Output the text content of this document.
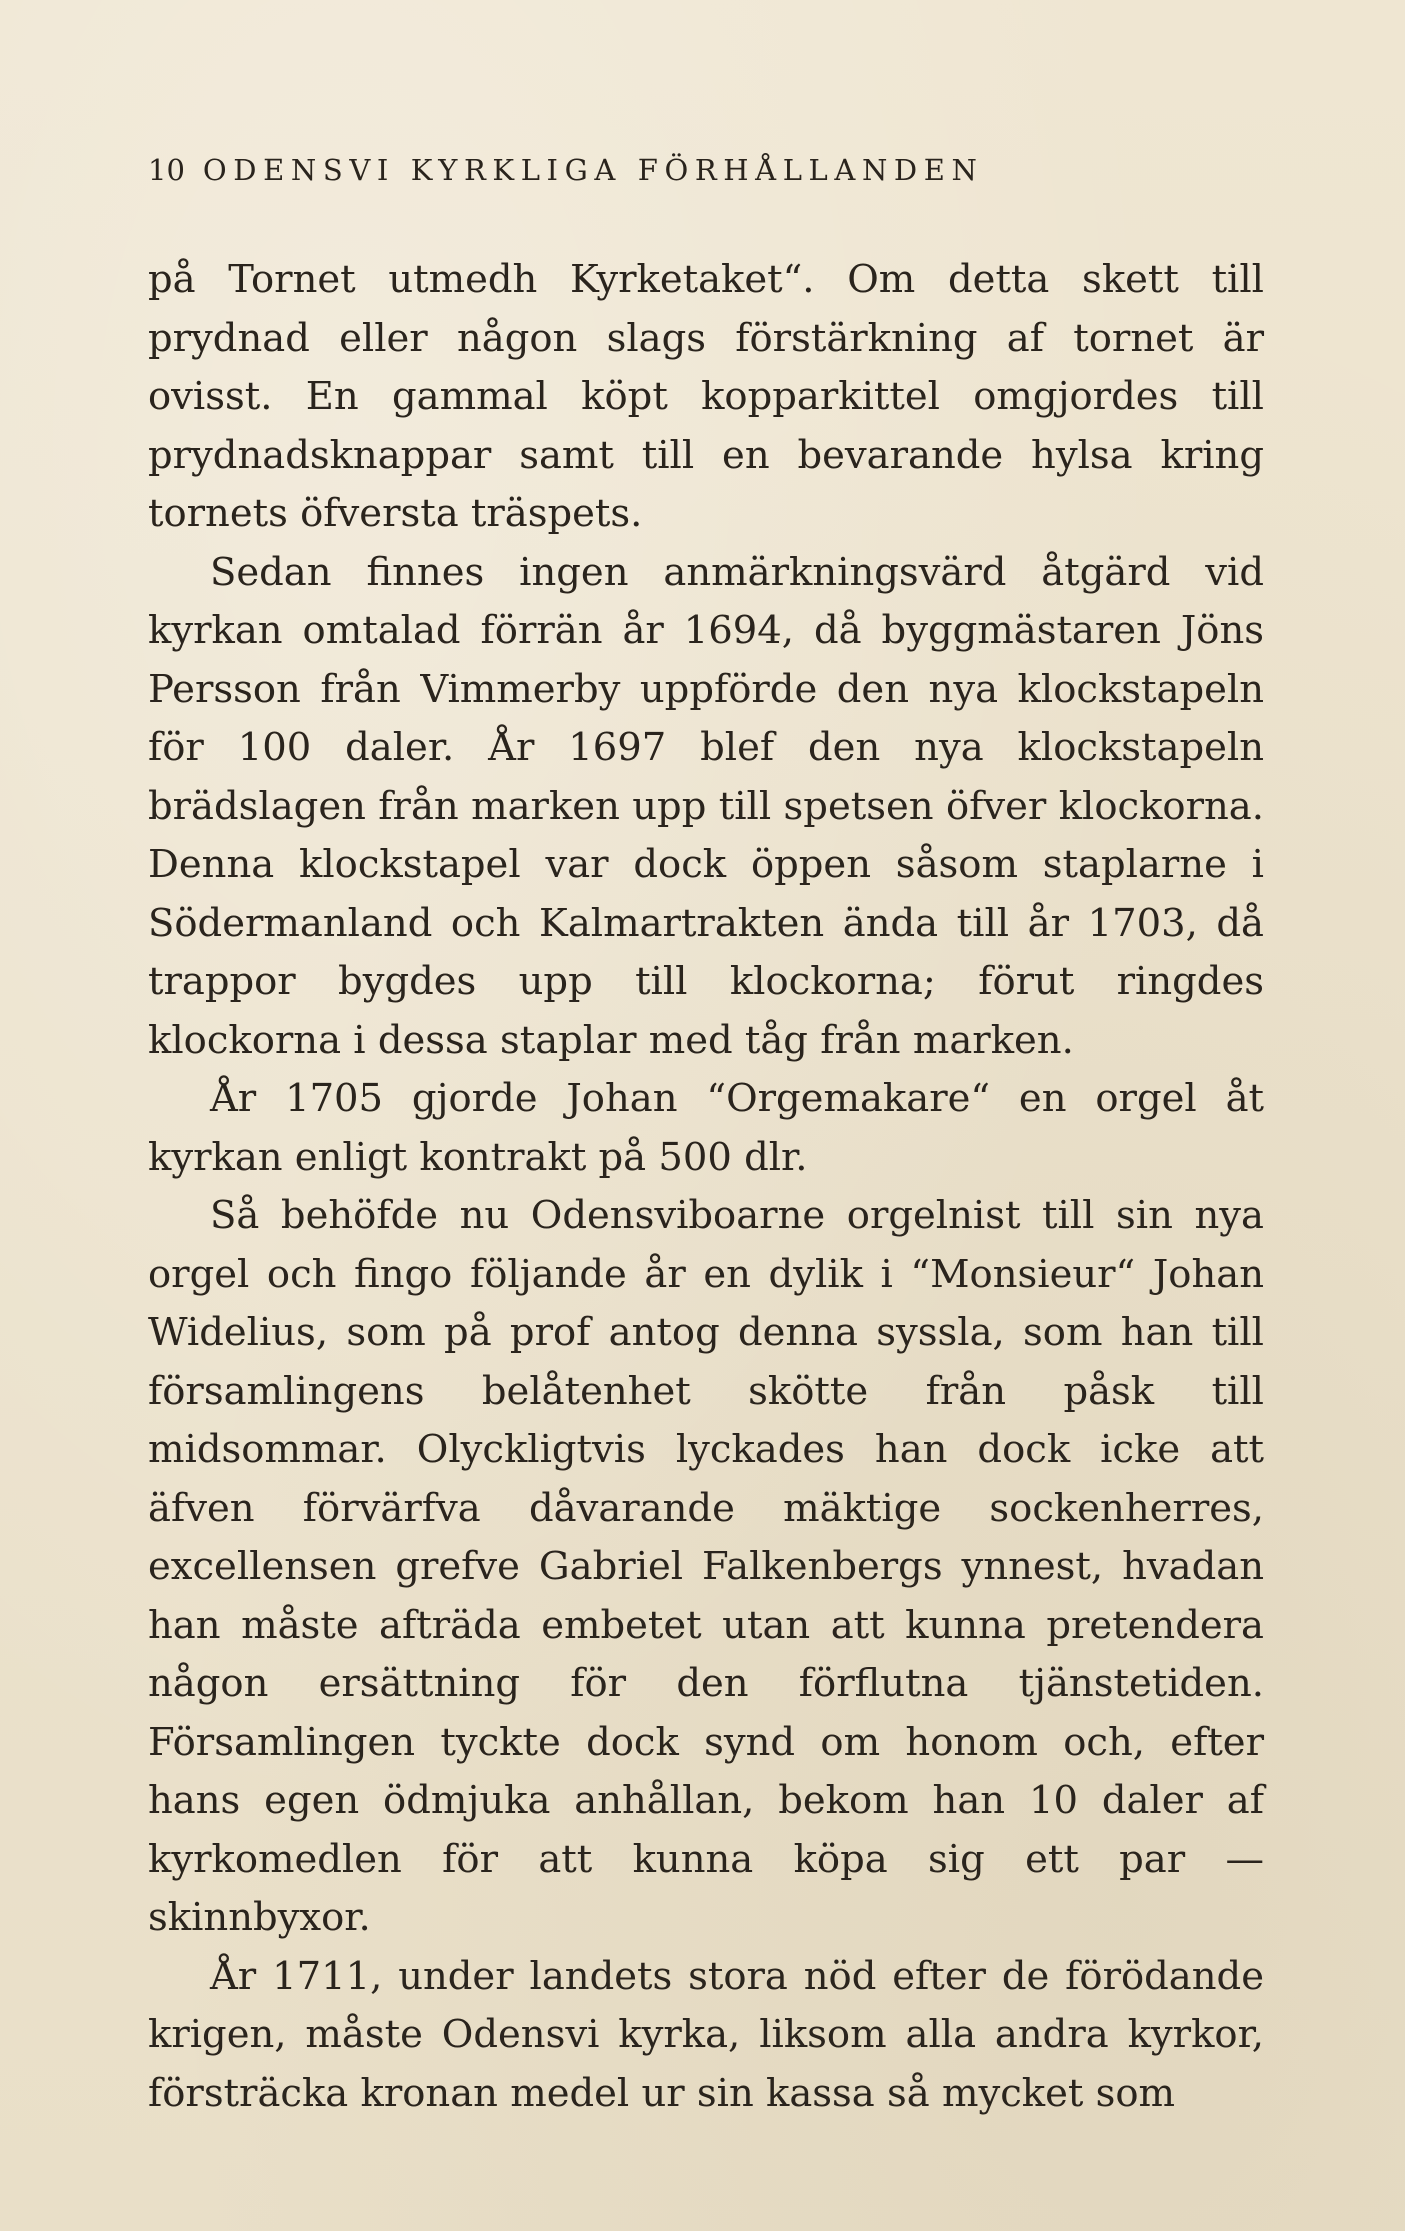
10 ODENSVI KYRKLIGA FÖRHÅLLANDEN

på Tornet utmedh Kyrketaket“. Om detta skett till prydnad eller någon slags förstärkning af tornet är ovisst. En gammal köpt kopparkittel omgjordes till prydnadsknappar samt till en bevarande hylsa kring tornets öfversta träspets.

Sedan finnes ingen anmärkningsvärd åtgärd vid kyrkan omtalad förrän år 1694, då byggmästaren Jöns Persson från Vimmerby uppförde den nya klockstapeln för 100 daler. År 1697 blef den nya klockstapeln brädslagen från marken upp till spetsen öfver klockorna. Denna klockstapel var dock öppen såsom staplarne i Södermanland och Kalmartrakten ända till år 1703, då trappor bygdes upp till klockorna; förut ringdes klockorna i dessa staplar med tåg från marken.

År 1705 gjorde Johan “Orgemakare“ en orgel åt kyrkan enligt kontrakt på 500 dlr.

Så behöfde nu Odensviboarne orgelnist till sin nya orgel och fingo följande år en dylik i “Monsieur“ Johan Widelius, som på prof antog denna syssla, som han till församlingens belåtenhet skötte från påsk till midsommar. Olyckligtvis lyckades han dock icke att äfven förvärfva dåvarande mäktige sockenherres, excellensen grefve Gabriel Falkenbergs ynnest, hvadan han måste afträda embetet utan att kunna pretendera någon ersättning för den förflutna tjänstetiden. Församlingen tyckte dock synd om honom och, efter hans egen ödmjuka anhållan, bekom han 10 daler af kyrkomedlen för att kunna köpa sig ett par — skinnbyxor.

År 1711, under landets stora nöd efter de förödande krigen, måste Odensvi kyrka, liksom alla andra kyrkor, försträcka kronan medel ur sin kassa så mycket som
